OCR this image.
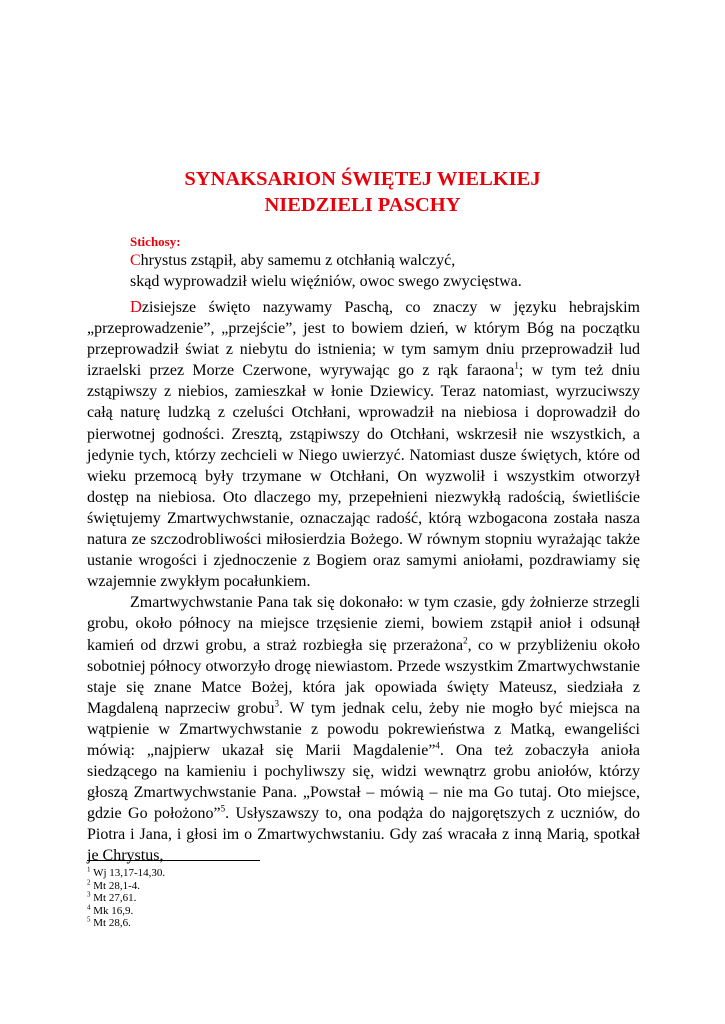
SYNAKSARION ŚWIĘTEJ WIELKIEJ
NIEDZIELI PASCHY
Stichosy:
Chrystus zstąpił, aby samemu z otchłanią walczyć,
skąd wyprowadził wielu więźniów, owoc swego zwycięstwa.

Dzisiejsze święto nazywamy Paschą, co znaczy w języku hebrajskim „przeprowadzenie”, „przejście”, jest to bowiem dzień, w którym Bóg na początku przeprowadził świat z niebytu do istnienia; w tym samym dniu przeprowadził lud izraelski przez Morze Czerwone, wyrywając go z rąk faraona$^1$; w tym też dniu zstąpiwszy z niebios, zamieszkał w łonie Dziewicy. Teraz natomiast, wyrzuciwszy całą naturę ludzką z czeluści Otchłani, wprowadził na niebiosa i doprowadził do pierwotnej godności. Zresztą, zstąpiwszy do Otchłani, wskrzesił nie wszystkich, a jedynie tych, którzy zechcieli w Niego uwierzyć. Natomiast dusze świętych, które od wieku przemocą były trzymane w Otchłani, On wyzwolił i wszystkim otworzył dostęp na niebiosa. Oto dlaczego my, przepełnieni niezwykłą radością, świetliście świętujemy Zmartwychwstanie, oznaczając radość, którą wzbogacona została nasza natura ze szczodrobliwości miłosierdzia Bożego. W równym stopniu wyrażając także ustanie wrogości i zjednoczenie z Bogiem oraz samymi aniołami, pozdrawiamy się wzajemnie zwykłym pocałunkiem.

Zmartwychwstanie Pana tak się dokonało: w tym czasie, gdy żołnierze strzegli grobu, około północy na miejsce trzęsienie ziemi, bowiem zstąpił anioł i odsunął kamień od drzwi grobu, a straż rozbiegła się przerażona$^2$, co w przybliżeniu około sobotniej północy otworzyło drogę niewiastom. Przede wszystkim Zmartwychwstanie staje się znane Matce Bożej, która jak opowiada święty Mateusz, siedziała z Magdaleną naprzeciw grobu$^3$. W tym jednak celu, żeby nie mogło być miejsca na wątpienie w Zmartwychwstanie z powodu pokrewieństwa z Matką, ewangeliści mówią: „najpierw ukazał się Marii Magdalenie”$^4$. Ona też zobaczyła anioła siedzącego na kamieniu i pochyliwszy się, widzi wewnątrz grobu aniołów, którzy głoszą Zmartwychwstanie Pana. „Powstał – mówią – nie ma Go tutaj. Oto miejsce, gdzie Go położono”$^5$. Usłyszawszy to, ona podąża do najgorętszych z uczniów, do Piotra i Jana, i głosi im o Zmartwychwstaniu. Gdy zaś wracała z inną Marią, spotkał je Chrystus,

$^1$ Wj 13,17-14,30.
$^2$ Mt 28,1-4.
$^3$ Mt 27,61.
$^4$ Mk 16,9.
$^5$ Mt 28,6.
